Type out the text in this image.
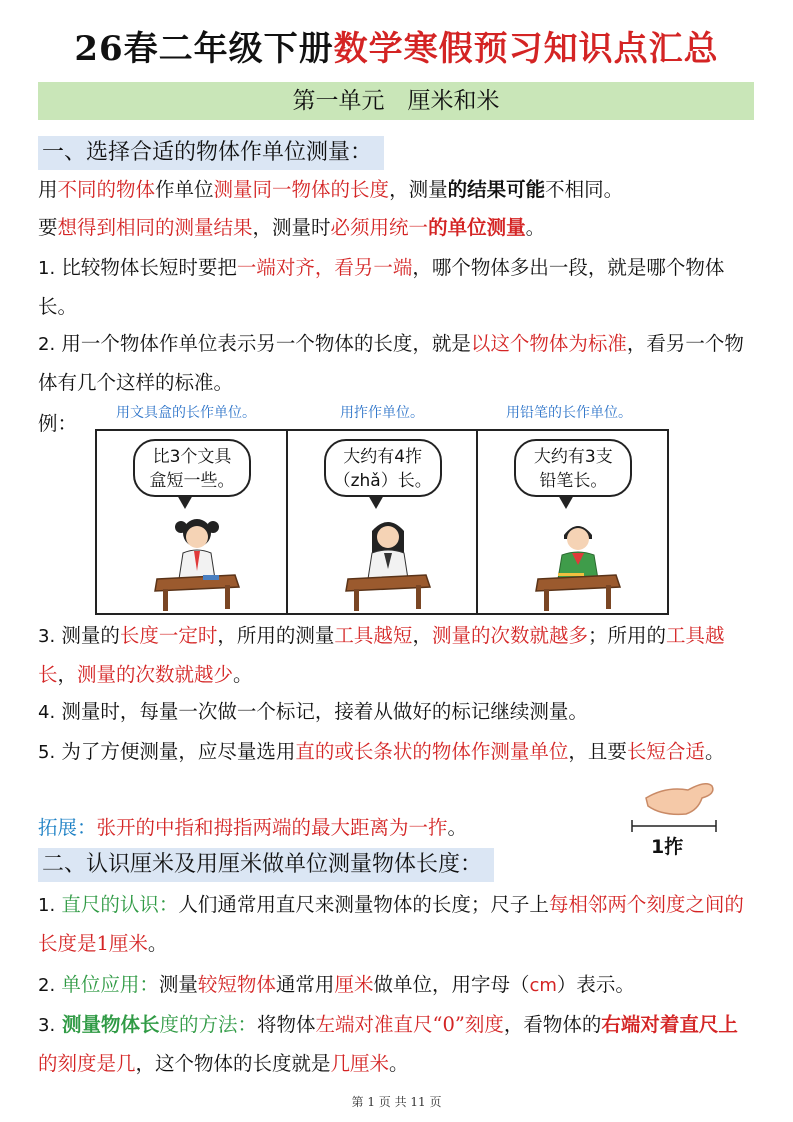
26春二年级下册数学寒假预习知识点汇总
第一单元　厘米和米
一、选择合适的物体作单位测量：
用不同的物体作单位测量同一物体的长度，测量的结果可能不相同。
要想得到相同的测量结果，测量时必须用统一的单位测量。
1. 比较物体长短时要把一端对齐，看另一端，哪个物体多出一段，就是哪个物体长。
2. 用一个物体作单位表示另一个物体的长度，就是以这个物体为标准，看另一个物体有几个这样的标准。
例：	用文具盒的长作单位。	用拃作单位。	用铅笔的长作单位。
比3个文具
盒短一些。
大约有4拃
（zhǎ）长。
大约有3支
铅笔长。
3. 测量的长度一定时，所用的测量工具越短，测量的次数就越多；所用的工具越长，测量的次数就越少。
4. 测量时，每量一次做一个标记，接着从做好的标记继续测量。
5. 为了方便测量，应尽量选用直的或长条状的物体作测量单位，且要长短合适。
拓展：张开的中指和拇指两端的最大距离为一拃。
1拃
二、认识厘米及用厘米做单位测量物体长度：
1. 直尺的认识：人们通常用直尺来测量物体的长度；尺子上每相邻两个刻度之间的长度是1厘米。
2. 单位应用：测量较短物体通常用厘米做单位，用字母（cm）表示。
3. 测量物体长度的方法：将物体左端对准直尺“0”刻度，看物体的右端对着直尺上的刻度是几，这个物体的长度就是几厘米。
第 1 页 共 11 页
